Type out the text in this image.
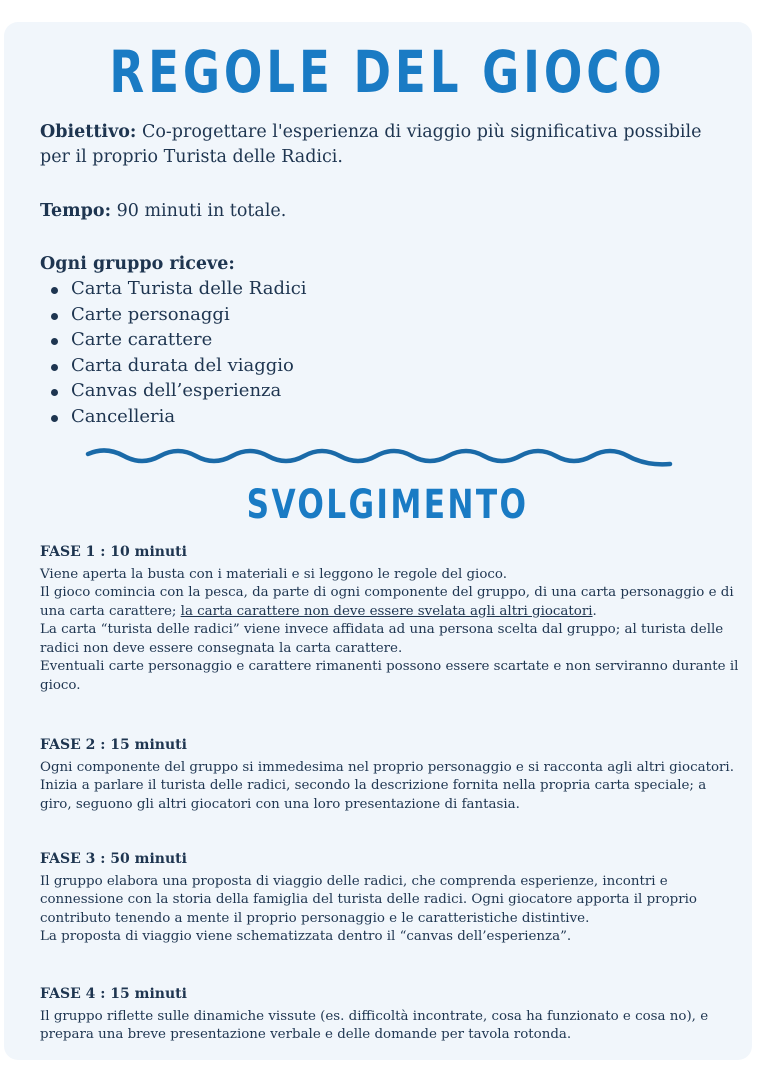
REGOLE DEL GIOCO
Obiettivo: Co-progettare l'esperienza di viaggio più significativa possibile per il proprio Turista delle Radici.
Tempo: 90 minuti in totale.
Ogni gruppo riceve:
Carta Turista delle Radici
Carte personaggi
Carte carattere
Carta durata del viaggio
Canvas dell’esperienza
Cancelleria
SVOLGIMENTO
FASE 1 : 10 minuti

Viene aperta la busta con i materiali e si leggono le regole del gioco.

Il gioco comincia con la pesca, da parte di ogni componente del gruppo, di una carta personaggio e di una carta carattere; la carta carattere non deve essere svelata agli altri giocatori.

La carta “turista delle radici” viene invece affidata ad una persona scelta dal gruppo; al turista delle radici non deve essere consegnata la carta carattere.

Eventuali carte personaggio e carattere rimanenti possono essere scartate e non serviranno durante il gioco.

FASE 2 : 15 minuti

Ogni componente del gruppo si immedesima nel proprio personaggio e si racconta agli altri giocatori. Inizia a parlare il turista delle radici, secondo la descrizione fornita nella propria carta speciale; a giro, seguono gli altri giocatori con una loro presentazione di fantasia.

FASE 3 : 50 minuti

Il gruppo elabora una proposta di viaggio delle radici, che comprenda esperienze, incontri e connessione con la storia della famiglia del turista delle radici. Ogni giocatore apporta il proprio contributo tenendo a mente il proprio personaggio e le caratteristiche distintive.

La proposta di viaggio viene schematizzata dentro il “canvas dell’esperienza”.

FASE 4 : 15 minuti

Il gruppo riflette sulle dinamiche vissute (es. difficoltà incontrate, cosa ha funzionato e cosa no), e prepara una breve presentazione verbale e delle domande per tavola rotonda.
